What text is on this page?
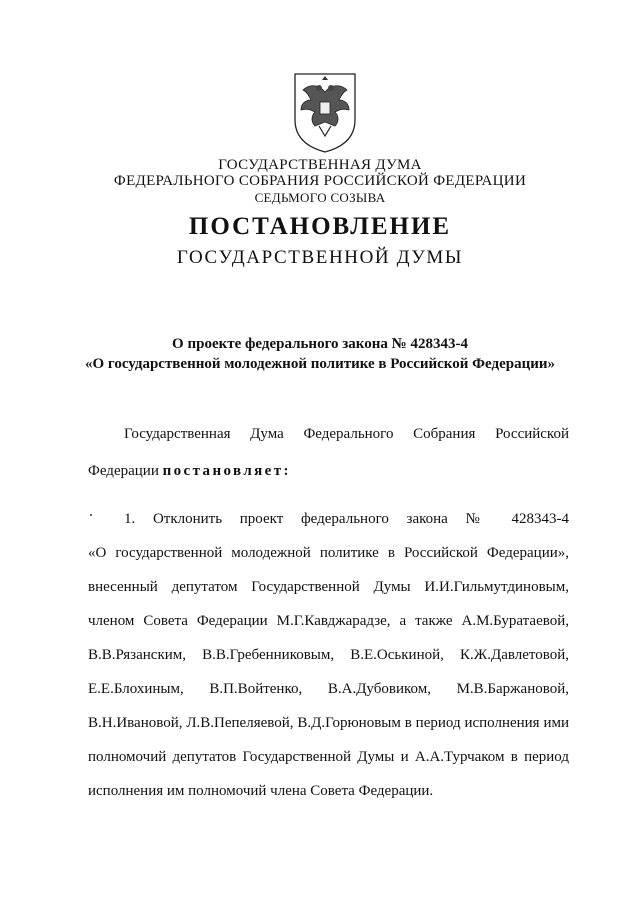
ГОСУДАРСТВЕННАЯ ДУМА
ФЕДЕРАЛЬНОГО СОБРАНИЯ РОССИЙСКОЙ ФЕДЕРАЦИИ
СЕДЬМОГО СОЗЫВА
ПОСТАНОВЛЕНИЕ
ГОСУДАРСТВЕННОЙ ДУМЫ
О проекте федерального закона № 428343-4
«О государственной молодежной политике в Российской Федерации»
Государственная Дума Федерального Собрания Российской
Федерации постановляет:
1. Отклонить проект федерального закона № 428343-4
«О государственной молодежной политике в Российской Федерации»,
внесенный депутатом Государственной Думы И.И.Гильмутдиновым,
членом Совета Федерации М.Г.Кавджарадзе, а также А.М.Буратаевой,
В.В.Рязанским, В.В.Гребенниковым, В.Е.Оськиной, К.Ж.Давлетовой,
Е.Е.Блохиным, В.П.Войтенко, В.А.Дубовиком, М.В.Баржановой,
В.Н.Ивановой, Л.В.Пепеляевой, В.Д.Горюновым в период исполнения ими
полномочий депутатов Государственной Думы и А.А.Турчаком в период
исполнения им полномочий члена Совета Федерации.
